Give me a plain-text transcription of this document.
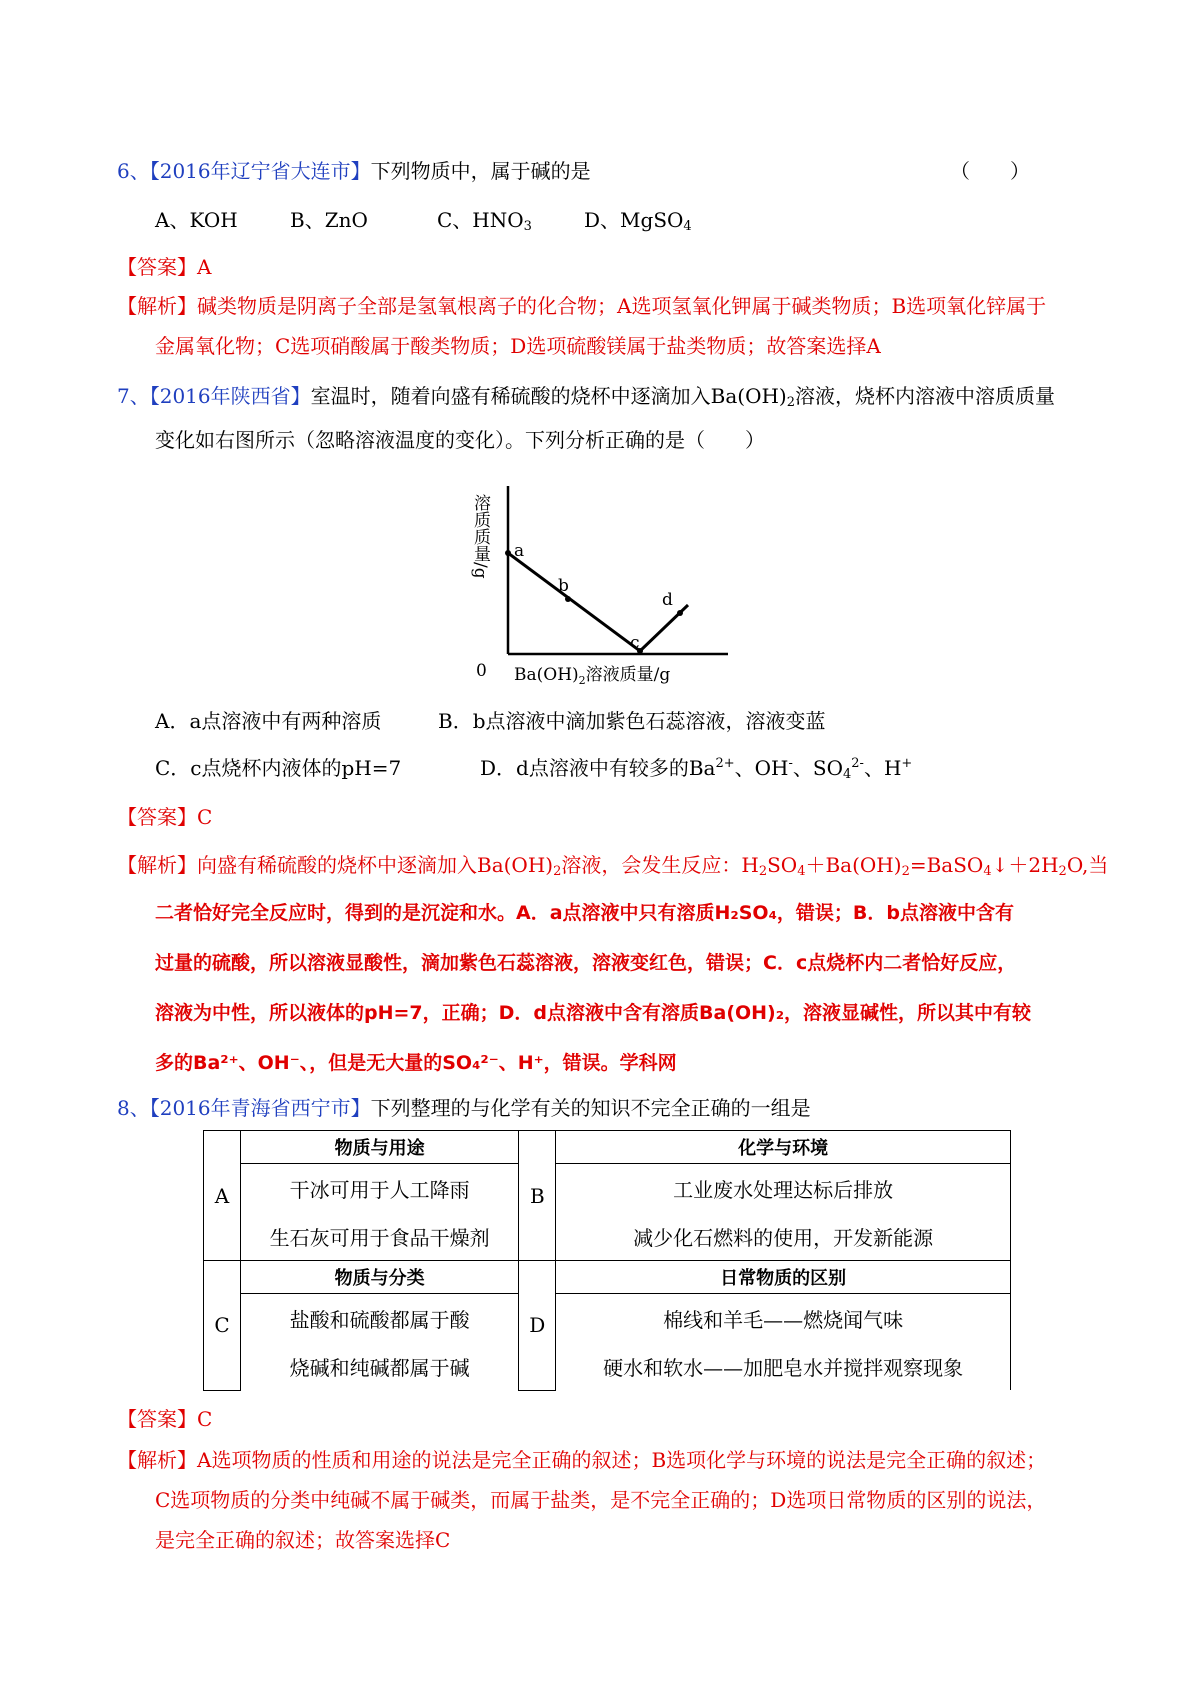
6、【2016年辽宁省大连市】下列物质中，属于碱的是	（　　）
A、KOH	B、ZnO	C、$HNO_3$	D、MgSO$_4$
【答案】A
【解析】碱类物质是阴离子全部是氢氧根离子的化合物；A选项氢氧化钾属于碱类物质；B选项氧化锌属于
金属氧化物；C选项硝酸属于酸类物质；D选项硫酸镁属于盐类物质；故答案选择A
7、【2016年陕西省】室温时，随着向盛有稀硫酸的烧杯中逐滴加入$Ba(OH)_2$溶液，烧杯内溶液中溶质质量
变化如右图所示（忽略溶液温度的变化）。下列分析正确的是（　　）
a
b
c
d
溶质质量/g
0 $Ba(OH)_2$溶液质量/g
A．a点溶液中有两种溶质	B．b点溶液中滴加紫色石蕊溶液，溶液变蓝
C．c点烧杯内液体的pH=7	D．d点溶液中有较多的$Ba^{2+}$、OH-、$SO_4^{2-}$、H+
【答案】C
【解析】向盛有稀硫酸的烧杯中逐滴加入$Ba(OH)_2$溶液，会发生反应：$H_2SO_4+Ba(OH)_2=BaSO_4↓+2H_2O$,当
二者恰好完全反应时，得到的是沉淀和水。A．a点溶液中只有溶质H₂SO₄，错误；B．b点溶液中含有
过量的硫酸，所以溶液显酸性，滴加紫色石蕊溶液，溶液变红色，错误；C．c点烧杯内二者恰好反应，
溶液为中性，所以液体的pH=7，正确；D．d点溶液中含有溶质Ba(OH)₂，溶液显碱性，所以其中有较
多的Ba²⁺、OH⁻、，但是无大量的SO₄²⁻、H⁺，错误。学科网
8、【2016年青海省西宁市】下列整理的与化学有关的知识不完全正确的一组是
A	物质与用途	B	化学与环境
	干冰可用于人工降雨		工业废水处理达标后排放
	生石灰可用于食品干燥剂		减少化石燃料的使用，开发新能源
C	物质与分类	D	日常物质的区别
	盐酸和硫酸都属于酸		棉线和羊毛——燃烧闻气味
	烧碱和纯碱都属于碱		硬水和软水——加肥皂水并搅拌观察现象
【答案】C
【解析】A选项物质的性质和用途的说法是完全正确的叙述；B选项化学与环境的说法是完全正确的叙述；
C选项物质的分类中纯碱不属于碱类，而属于盐类，是不完全正确的；D选项日常物质的区别的说法，
是完全正确的叙述；故答案选择C
